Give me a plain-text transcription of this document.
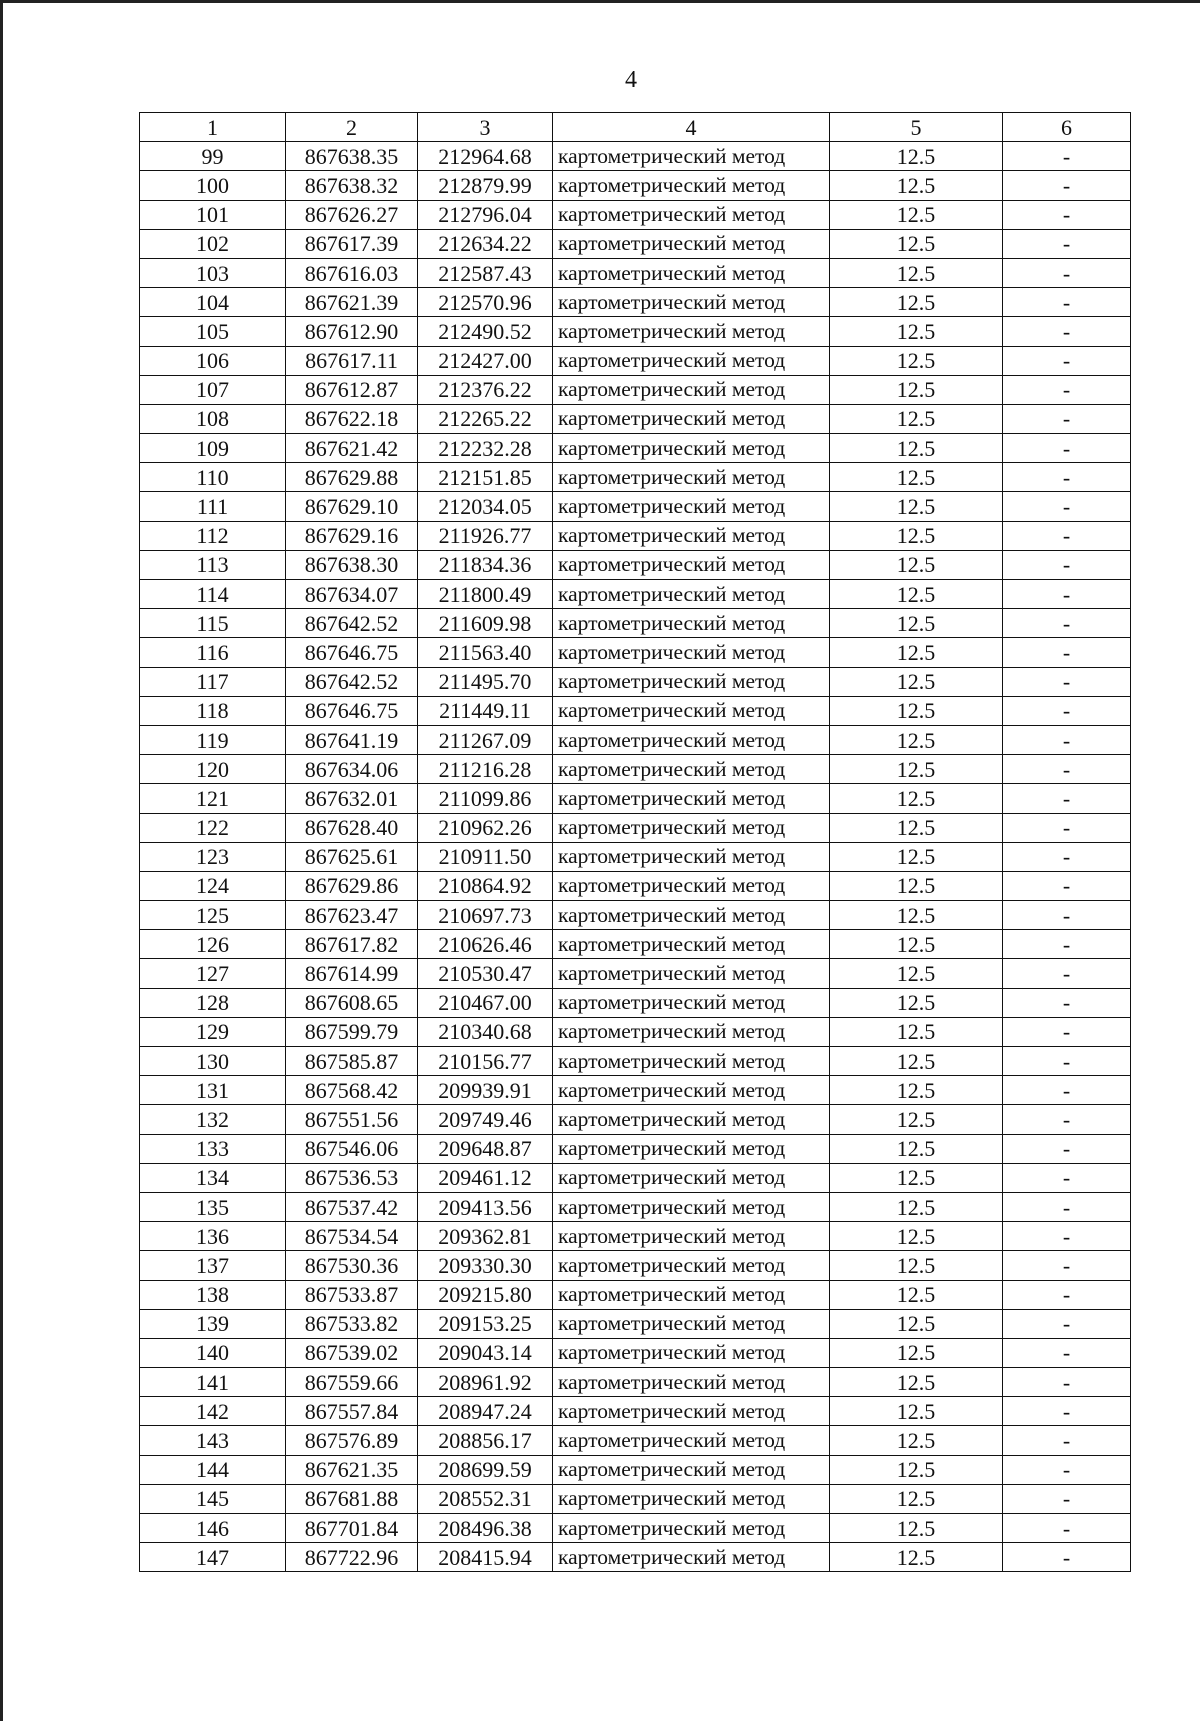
4
1	2	3	4	5	6
99	867638.35	212964.68	картометрический метод	12.5	-
100	867638.32	212879.99	картометрический метод	12.5	-
101	867626.27	212796.04	картометрический метод	12.5	-
102	867617.39	212634.22	картометрический метод	12.5	-
103	867616.03	212587.43	картометрический метод	12.5	-
104	867621.39	212570.96	картометрический метод	12.5	-
105	867612.90	212490.52	картометрический метод	12.5	-
106	867617.11	212427.00	картометрический метод	12.5	-
107	867612.87	212376.22	картометрический метод	12.5	-
108	867622.18	212265.22	картометрический метод	12.5	-
109	867621.42	212232.28	картометрический метод	12.5	-
110	867629.88	212151.85	картометрический метод	12.5	-
111	867629.10	212034.05	картометрический метод	12.5	-
112	867629.16	211926.77	картометрический метод	12.5	-
113	867638.30	211834.36	картометрический метод	12.5	-
114	867634.07	211800.49	картометрический метод	12.5	-
115	867642.52	211609.98	картометрический метод	12.5	-
116	867646.75	211563.40	картометрический метод	12.5	-
117	867642.52	211495.70	картометрический метод	12.5	-
118	867646.75	211449.11	картометрический метод	12.5	-
119	867641.19	211267.09	картометрический метод	12.5	-
120	867634.06	211216.28	картометрический метод	12.5	-
121	867632.01	211099.86	картометрический метод	12.5	-
122	867628.40	210962.26	картометрический метод	12.5	-
123	867625.61	210911.50	картометрический метод	12.5	-
124	867629.86	210864.92	картометрический метод	12.5	-
125	867623.47	210697.73	картометрический метод	12.5	-
126	867617.82	210626.46	картометрический метод	12.5	-
127	867614.99	210530.47	картометрический метод	12.5	-
128	867608.65	210467.00	картометрический метод	12.5	-
129	867599.79	210340.68	картометрический метод	12.5	-
130	867585.87	210156.77	картометрический метод	12.5	-
131	867568.42	209939.91	картометрический метод	12.5	-
132	867551.56	209749.46	картометрический метод	12.5	-
133	867546.06	209648.87	картометрический метод	12.5	-
134	867536.53	209461.12	картометрический метод	12.5	-
135	867537.42	209413.56	картометрический метод	12.5	-
136	867534.54	209362.81	картометрический метод	12.5	-
137	867530.36	209330.30	картометрический метод	12.5	-
138	867533.87	209215.80	картометрический метод	12.5	-
139	867533.82	209153.25	картометрический метод	12.5	-
140	867539.02	209043.14	картометрический метод	12.5	-
141	867559.66	208961.92	картометрический метод	12.5	-
142	867557.84	208947.24	картометрический метод	12.5	-
143	867576.89	208856.17	картометрический метод	12.5	-
144	867621.35	208699.59	картометрический метод	12.5	-
145	867681.88	208552.31	картометрический метод	12.5	-
146	867701.84	208496.38	картометрический метод	12.5	-
147	867722.96	208415.94	картометрический метод	12.5	-
